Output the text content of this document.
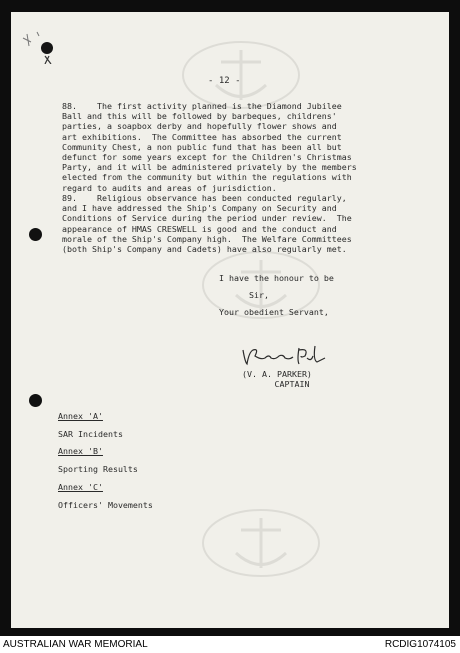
- 12 -
88.    The first activity planned is the Diamond Jubilee
Ball and this will be followed by barbeques, childrens'
parties, a soapbox derby and hopefully flower shows and
art exhibitions.  The Committee has absorbed the current
Community Chest, a non public fund that has been all but
defunct for some years except for the Children's Christmas
Party, and it will be administered privately by the members
elected from the community but within the regulations with
regard to audits and areas of jurisdiction.
89.    Religious observance has been conducted regularly,
and I have addressed the Ship's Company on Security and
Conditions of Service during the period under review.  The
appearance of HMAS CRESWELL is good and the conduct and
morale of the Ship's Company high.  The Welfare Committees
(both Ship's Company and Cadets) have also regularly met.
I have the honour to be
Sir,
Your obedient Servant,
(V. A. PARKER)
CAPTAIN
Annex 'A'
SAR Incidents
Annex 'B'
Sporting Results
Annex 'C'
Officers' Movements
AUSTRALIAN WAR MEMORIAL	RCDIG1074105
